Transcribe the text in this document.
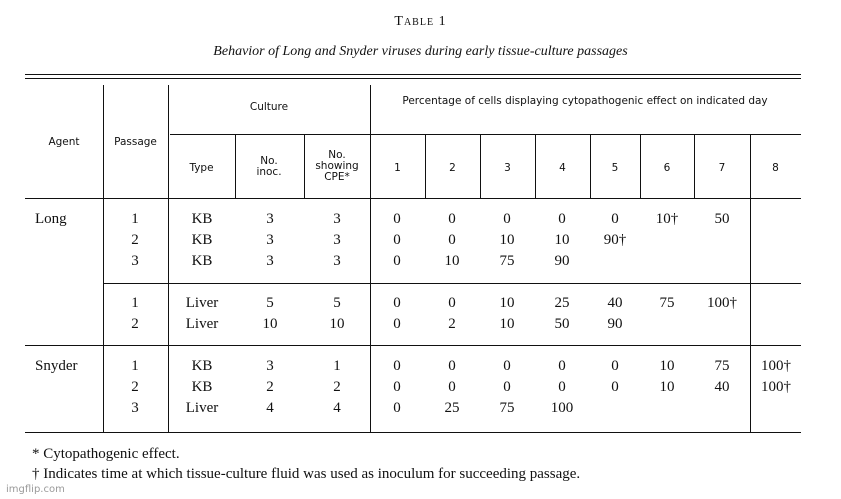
Table 1
Behavior of Long and Snyder viruses during early tissue-culture passages
Agent	Passage
Culture	Percentage of cells displaying cytopathogenic effect on indicated day
Type
No. inoc.
No. showing CPE*
1	2	3	4	5	6	7	8
Long	1	KB	3	3	0	0	0	0	0	10†	50
2	KB	3	3	0	0	10	10	90†
3	KB	3	3	0	10	75	90
1	Liver	5	5	0	0	10	25	40	75	100†
2	Liver	10	10	0	2	10	50	90
Snyder	1	KB	3	1	0	0	0	0	0	10	75	100†
2	KB	2	2	0	0	0	0	0	10	40	100†
3	Liver	4	4	0	25	75	100
* Cytopathogenic effect.
† Indicates time at which tissue-culture fluid was used as inoculum for succeeding passage.
imgflip.com
